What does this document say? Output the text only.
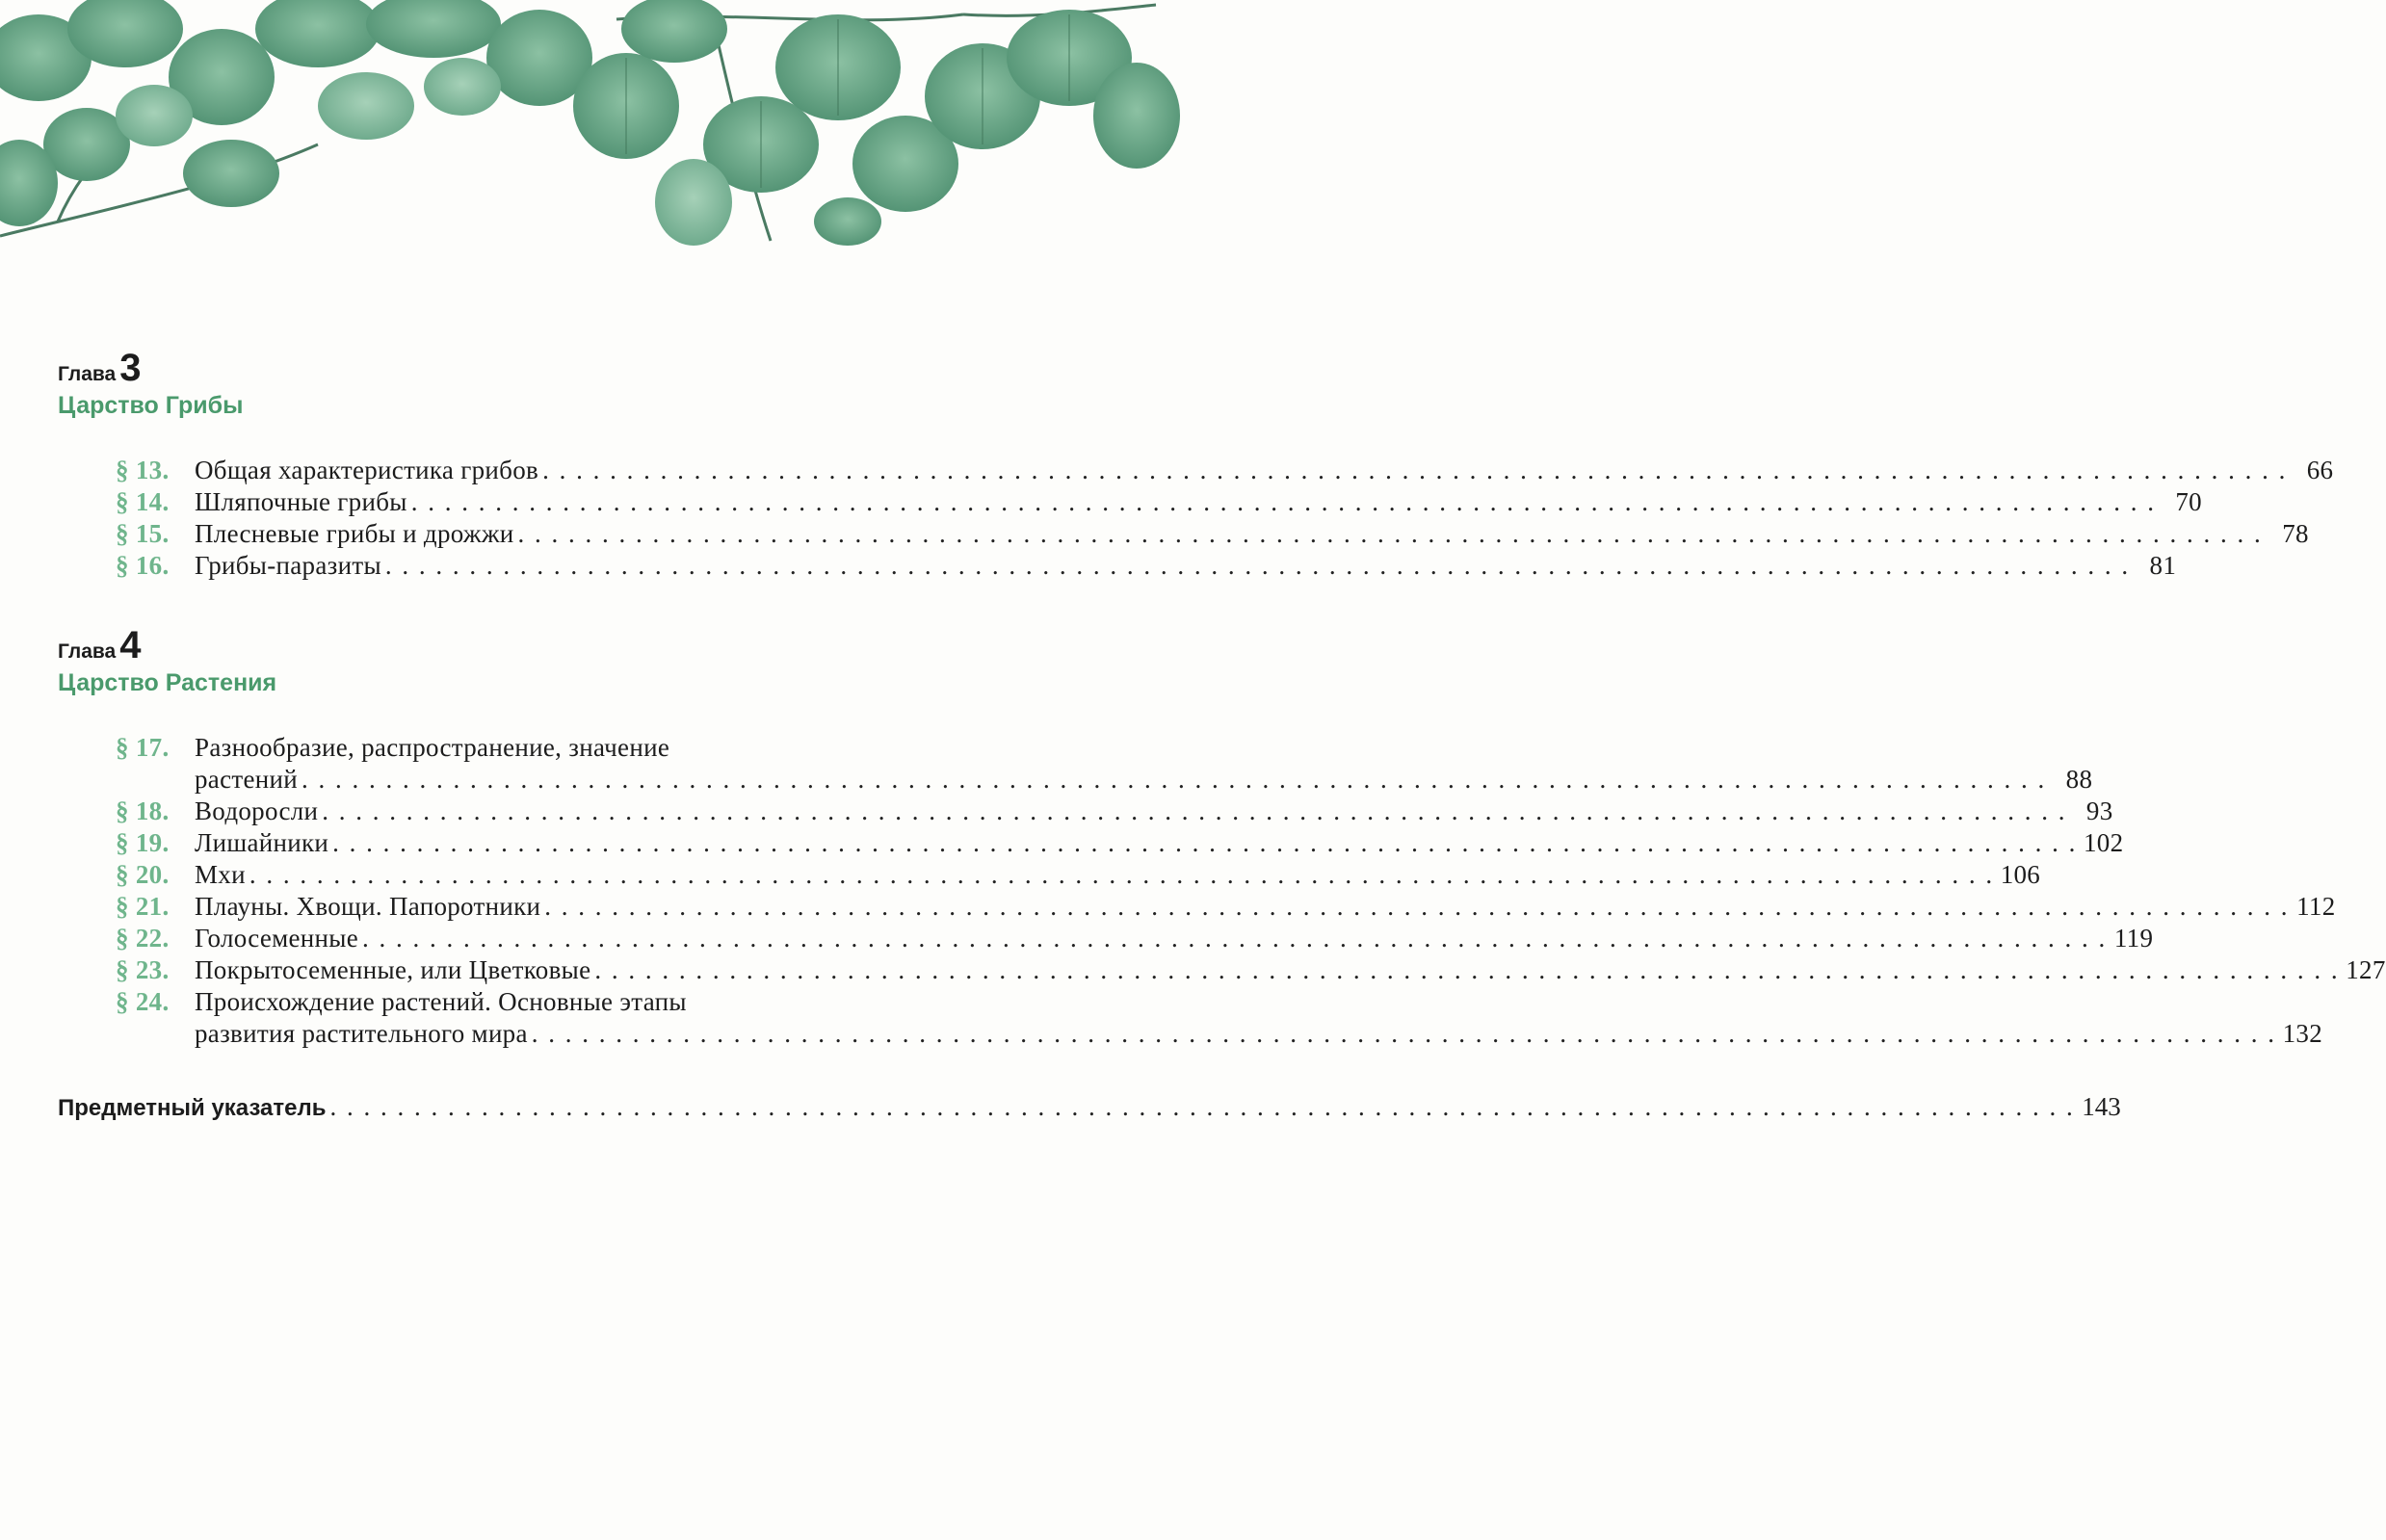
Глава 3
Царство Грибы
§ 13. Общая характеристика грибов . . .	66
§ 14. Шляпочные грибы . . .	70
§ 15. Плесневые грибы и дрожжи . . .	78
§ 16. Грибы-паразиты . . .	81
Глава 4
Царство Растения
§ 17. Разнообразие, распространение, значение
растений . . .	88
§ 18. Водоросли . . .	93
§ 19. Лишайники . . .	102
§ 20. Мхи . . .	106
§ 21. Плауны. Хвощи. Папоротники . . .	112
§ 22. Голосеменные . . .	119
§ 23. Покрытосеменные, или Цветковые . . .	127
§ 24. Происхождение растений. Основные этапы
развития растительного мира . . .	132
Предметный указатель . . .	143
